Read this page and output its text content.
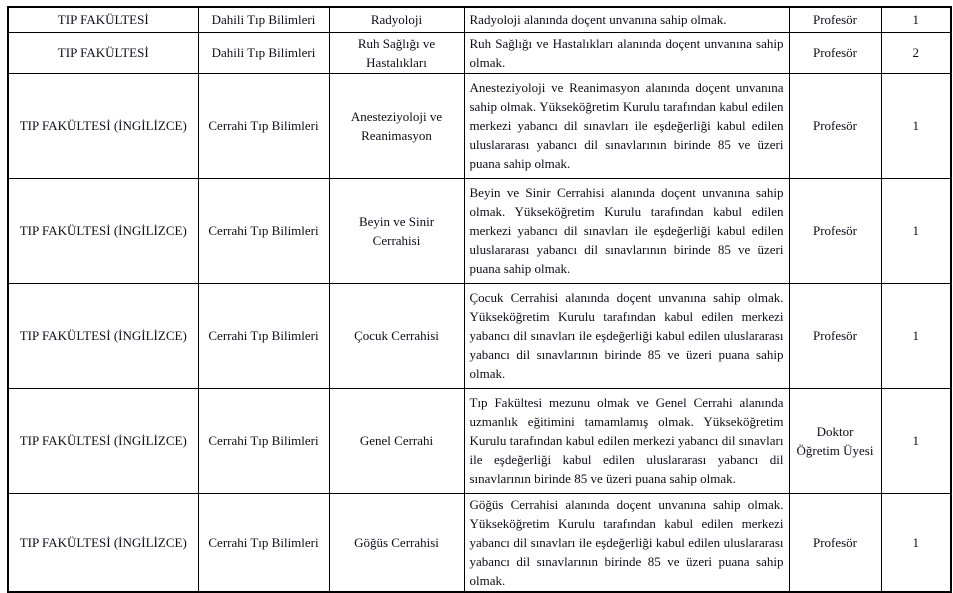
TIP FAKÜLTESİ	Dahili Tıp Bilimleri	Radyoloji	Radyoloji alanında doçent unvanına sahip olmak.	Profesör	1
TIP FAKÜLTESİ	Dahili Tıp Bilimleri	Ruh Sağlığı ve Hastalıkları	Ruh Sağlığı ve Hastalıkları alanında doçent unvanına sahip olmak.	Profesör	2
TIP FAKÜLTESİ (İNGİLİZCE)	Cerrahi Tıp Bilimleri	Anesteziyoloji ve Reanimasyon	Anesteziyoloji ve Reanimasyon alanında doçent unvanına sahip olmak. Yükseköğretim Kurulu tarafından kabul edilen merkezi yabancı dil sınavları ile eşdeğerliği kabul edilen uluslararası yabancı dil sınavlarının birinde 85 ve üzeri puana sahip olmak.	Profesör	1
TIP FAKÜLTESİ (İNGİLİZCE)	Cerrahi Tıp Bilimleri	Beyin ve Sinir Cerrahisi	Beyin ve Sinir Cerrahisi alanında doçent unvanına sahip olmak. Yükseköğretim Kurulu tarafından kabul edilen merkezi yabancı dil sınavları ile eşdeğerliği kabul edilen uluslararası yabancı dil sınavlarının birinde 85 ve üzeri puana sahip olmak.	Profesör	1
TIP FAKÜLTESİ (İNGİLİZCE)	Cerrahi Tıp Bilimleri	Çocuk Cerrahisi	Çocuk Cerrahisi alanında doçent unvanına sahip olmak. Yükseköğretim Kurulu tarafından kabul edilen merkezi yabancı dil sınavları ile eşdeğerliği kabul edilen uluslararası yabancı dil sınavlarının birinde 85 ve üzeri puana sahip olmak.	Profesör	1
TIP FAKÜLTESİ (İNGİLİZCE)	Cerrahi Tıp Bilimleri	Genel Cerrahi	Tıp Fakültesi mezunu olmak ve Genel Cerrahi alanında uzmanlık eğitimini tamamlamış olmak. Yükseköğretim Kurulu tarafından kabul edilen merkezi yabancı dil sınavları ile eşdeğerliği kabul edilen uluslararası yabancı dil sınavlarının birinde 85 ve üzeri puana sahip olmak.	Doktor Öğretim Üyesi	1
TIP FAKÜLTESİ (İNGİLİZCE)	Cerrahi Tıp Bilimleri	Göğüs Cerrahisi	Göğüs Cerrahisi alanında doçent unvanına sahip olmak. Yükseköğretim Kurulu tarafından kabul edilen merkezi yabancı dil sınavları ile eşdeğerliği kabul edilen uluslararası yabancı dil sınavlarının birinde 85 ve üzeri puana sahip olmak.	Profesör	1
